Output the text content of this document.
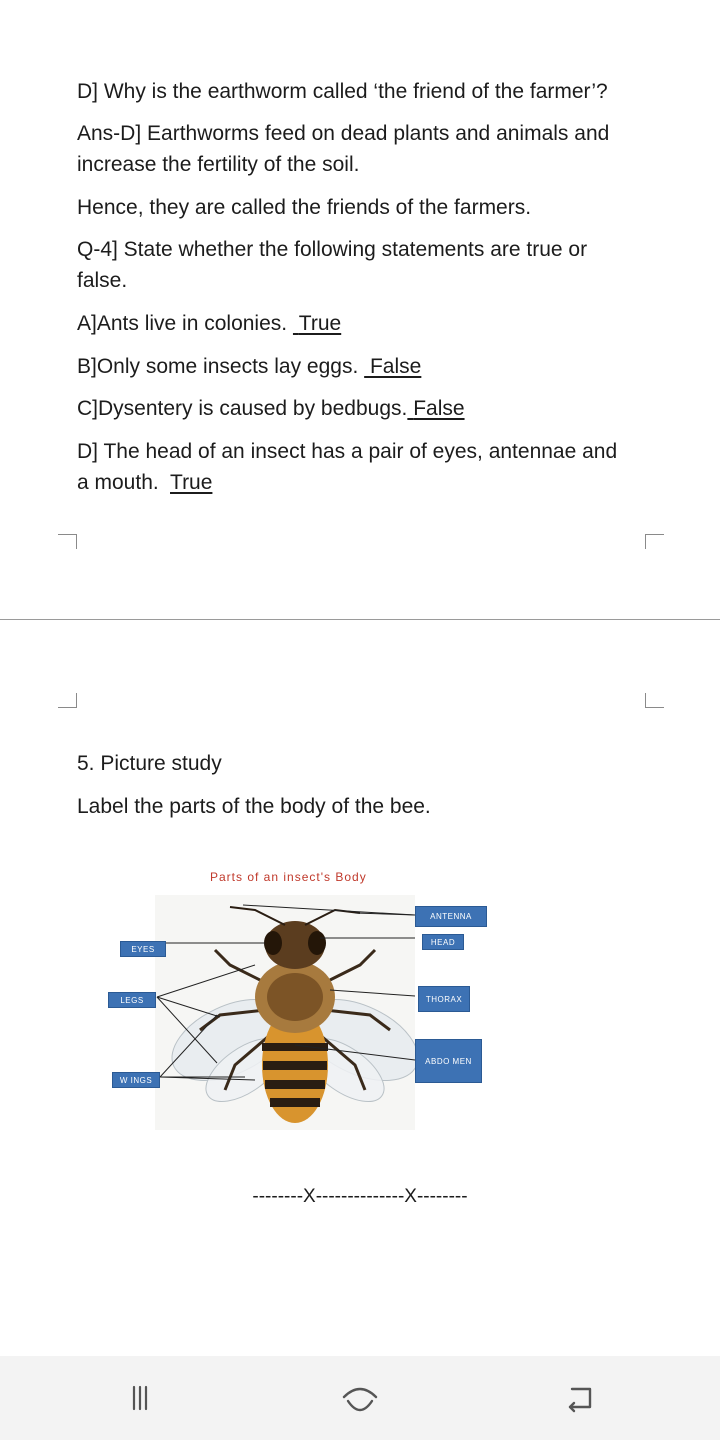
D] Why is the earthworm called ‘the friend of the farmer’?

Ans-D] Earthworms feed on dead plants and animals and

increase the fertility of the soil.

Hence, they are called the friends of the farmers.

Q-4] State whether the following statements are true or

false.

A]Ants live in colonies. True

B]Only some insects lay eggs. False

C]Dysentery is caused by bedbugs. False

D] The head of an insect has a pair of eyes, antennae and

a mouth. True

5. Picture study

Label the parts of the body of the bee.

Parts of an insect's Body
ANTENNA
HEAD
EYES
LEGS	THORAX
ABDO MEN
W INGS
--------X--------------X--------
